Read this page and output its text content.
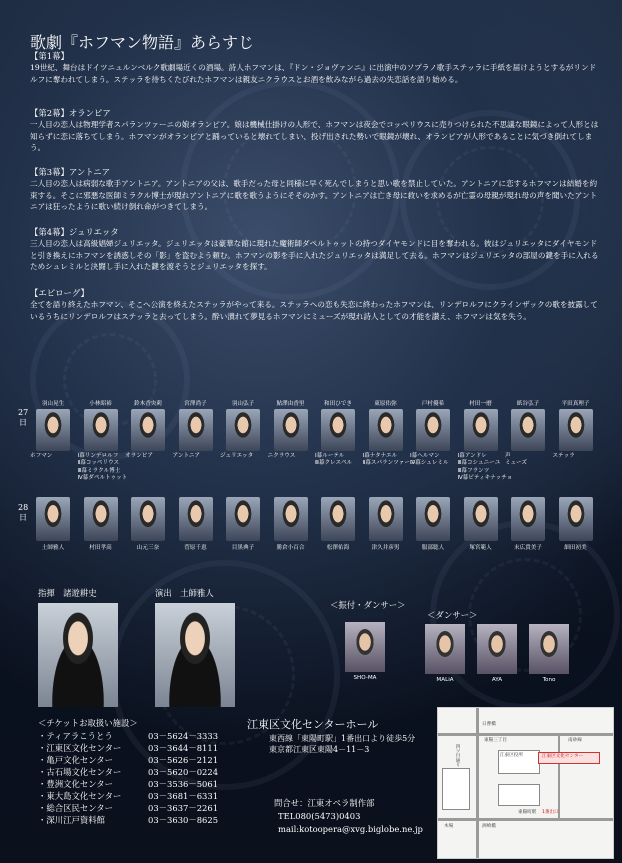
歌劇『ホフマン物語』あらすじ
【第1幕】
19世紀、舞台はドイツニュルンベルク歌劇場近くの酒場。詩人ホフマンは、『ドン・ジョヴァンニ』に出演中のソプラノ歌手ステッラに手紙を届けようとするがリンドルフに奪われてしまう。ステッラを待ちくたびれたホフマンは親友ニクラウスとお酒を飲みながら過去の失恋話を語り始める。
【第2幕】オランピア
一人目の恋人は物理学者スパランツァーニの娘オランピア。娘は機械仕掛けの人形で、ホフマンは夜会でコッペリウスに売りつけられた不思議な眼鏡によって人形とは知らずに恋に落ちてしまう。ホフマンがオランピアと踊っていると壊れてしまい、投げ出された勢いで眼鏡が壊れ、オランピアが人形であることに気づき倒れてしまう。
【第3幕】アントニア
二人目の恋人は病弱な歌手アントニア。アントニアの父は、歌手だった母と同様に早く死んでしまうと思い歌を禁止していた。アントニアに恋するホフマンは結婚を約束する。そこに邪悪な医師ミラクル博士が現れアントニアに歌を歌うようにそそのかす。アントニアは亡き母に救いを求めるが亡霊の母親が現れ母の声を聞いたアントニアは狂ったように歌い続け倒れ命がつきてしまう。
【第4幕】ジュリエッタ
三人目の恋人は高級娼婦ジュリエッタ。ジュリエッタは豪華な館に現れた魔術師ダペルトゥットの持つダイヤモンドに目を奪われる。彼はジュリエッタにダイヤモンドと引き換えにホフマンを誘惑しその「影」を盗むよう頼む。ホフマンの影を手に入れたジュリエッタは満足して去る。ホフマンはジュリエッタの部屋の鍵を手に入れるためシュレミルと決闘し手に入れた鍵を渡そうとジュリエッタを探す。
【エピローグ】
全てを語り終えたホフマン、そこへ公演を終えたステッラがやって来る。ステッラへの恋も失恋に終わったホフマンは、リンデロルフにクラインザックの歌を披露しているうちにリンデロルフはステッラと去ってしまう。酔い潰れて夢見るホフマンにミューズが現れ詩人としての才能を讃え、ホフマンは気を失う。
27日
28日
羽山晃生
ホフマン
小林昭裕
Ⅰ幕リンデロルフ
Ⅱ幕コッペリウス
Ⅲ幕ミラクル博士
Ⅳ幕ダペルトゥット
鈴木香央莉
オランピア
宮澤尚子
アントニア
羽山弘子
ジュリエッタ
鮎澤由香里
ニクラウス
和田ひでき
Ⅰ幕ルーテル
Ⅲ幕クレスペル
東原佑弥
Ⅰ幕ナタナエル
Ⅱ幕スパランツァーニ
戸村優希
Ⅰ幕ヘルマン
Ⅳ幕シュレミル
村田一磨
Ⅰ幕アンドレ
Ⅲ幕コシュニーユ
Ⅲ幕フランツ
Ⅳ幕ピティキナッチョ
紙谷弘子
声
ミューズ
平田真理子
ステッラ
土師雅人	村田孝高	山元三奈	菅原千恵	目黒典子	勝倉小百合	松澤佑海	津久井彦男	服部聡人	塚宮範人	末広貴美子	細田初美
指揮　諸遊耕史	演出　土師雅人
＜振付・ダンサー＞
＜ダンサー＞
SHO-MA	MALiA	AYA	Tono
＜チケットお取扱い施設＞
・ティアラこうとう	03－5624－3333
・江東区文化センター	03－3644－8111
・亀戸文化センター	03－5626－2121
・古石場文化センター	03－5620－0224
・豊洲文化センター	03－3536－5061
・東大島文化センター	03－3681－6331
・総合区民センター	03－3637－2261
・深川江戸資料館	03－3630－8625
江東区文化センターホール
東西線「東陽町駅」1番出口より徒歩5分
東京都江東区東陽4－11－3
問合せ：江東オペラ制作部
TEL080(5473)0403
mail:kotoopera@xvg.biglobe.ne.jp
日曹橋
四ツ目通り
東陽三丁目	南砂線
江東区文化センター
江東区役所
東陽町駅 1番出口
洲崎橋
木場
